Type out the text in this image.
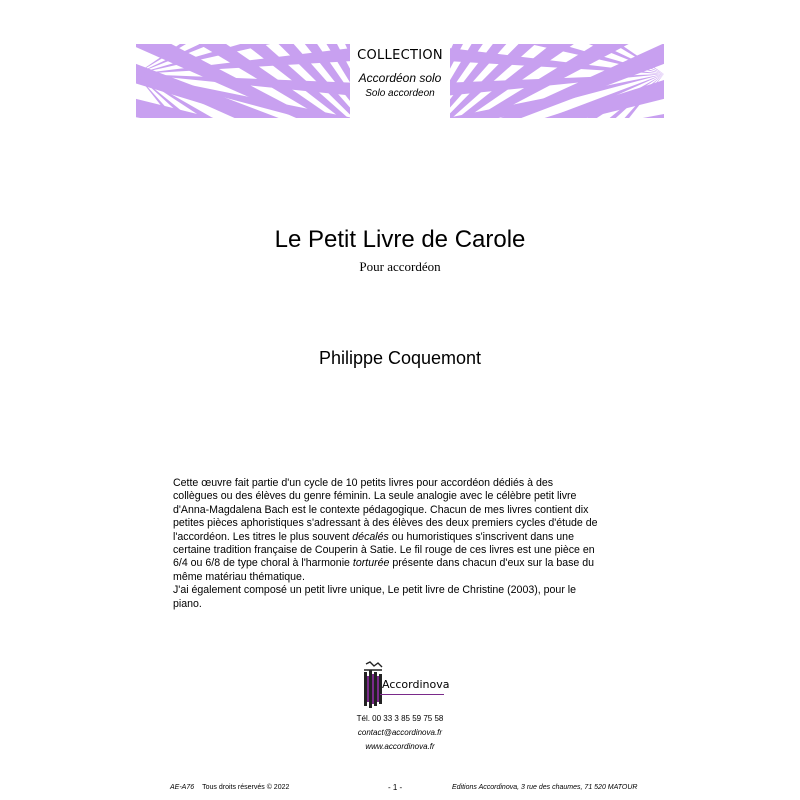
COLLECTION
Accordéon solo
Solo accordeon
Le Petit Livre de Carole
Pour accordéon
Philippe Coquemont
Cette œuvre fait partie d'un cycle de 10 petits livres pour accordéon dédiés à des
collègues ou des élèves du genre féminin. La seule analogie avec le célèbre petit livre
d'Anna-Magdalena Bach est le contexte pédagogique. Chacun de mes livres contient dix
petites pièces aphoristiques s'adressant à des élèves des deux premiers cycles d'étude de
l'accordéon. Les titres le plus souvent décalés ou humoristiques s'inscrivent dans une
certaine tradition française de Couperin à Satie. Le fil rouge de ces livres est une pièce en
6/4 ou 6/8 de type choral à l'harmonie torturée présente dans chacun d'eux sur la base du
même matériau thématique.
J'ai également composé un petit livre unique, Le petit livre de Christine (2003), pour le
piano.
Accordinova
Tél. 00 33 3 85 59 75 58
contact@accordinova.fr
www.accordinova.fr
AE-A76 Tous droits réservés © 2022	- 1 -	Editions Accordinova, 3 rue des chaumes, 71 520 MATOUR
